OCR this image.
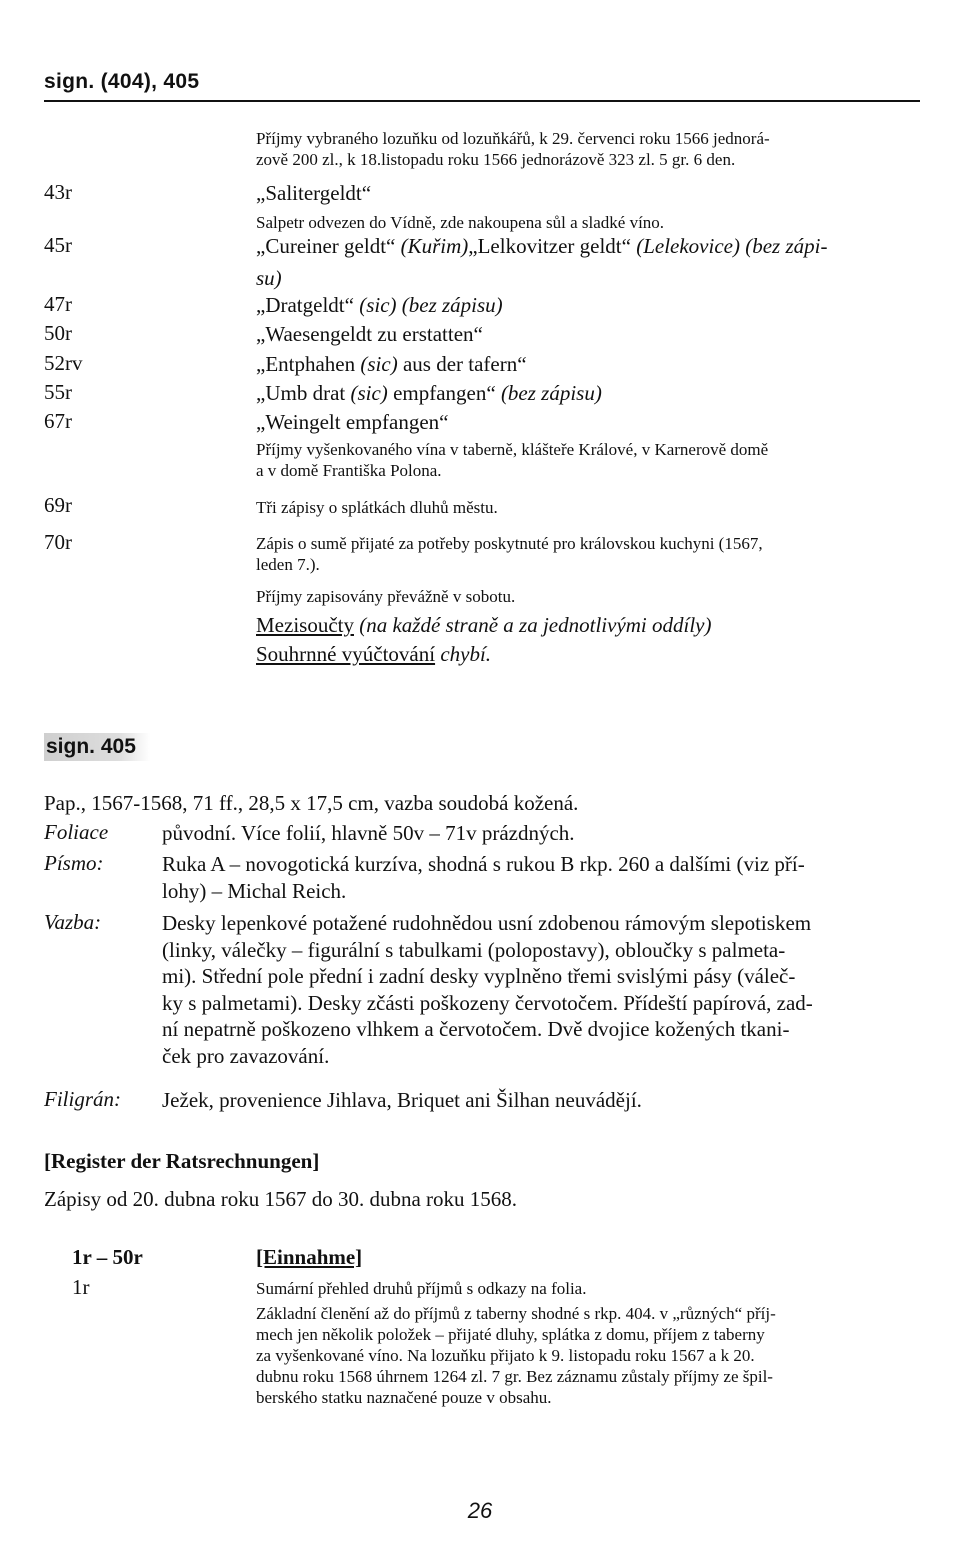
sign. (404), 405
Příjmy vybraného lozuňku od lozuňkářů, k 29. červenci roku 1566 jednorá-
zově 200 zl., k 18.listopadu roku 1566 jednorázově 323 zl. 5 gr. 6 den.
43r	„Salitergeldt“
Salpetr odvezen do Vídně, zde nakoupena sůl a sladké víno.
45r	„Cureiner geldt“ (Kuřim)„Lelkovitzer geldt“ (Lelekovice) (bez zápi-
su)
47r	„Dratgeldt“ (sic) (bez zápisu)
50r	„Waesengeldt zu erstatten“
52rv	„Entphahen (sic) aus der tafern“
55r	„Umb drat (sic) empfangen“ (bez zápisu)
67r	„Weingelt empfangen“
Příjmy vyšenkovaného vína v taberně, klášteře Králové, v Karnerově domě
a v domě Františka Polona.
69r	Tři zápisy o splátkách dluhů městu.
70r	Zápis o sumě přijaté za potřeby poskytnuté pro královskou kuchyni (1567,
leden 7.).
Příjmy zapisovány převážně v sobotu.
Mezisoučty (na každé straně a za jednotlivými oddíly)
Souhrnné vyúčtování chybí.
sign. 405
Pap., 1567-1568, 71 ff., 28,5 x 17,5 cm, vazba soudobá kožená.
Foliace	původní. Více folií, hlavně 50v – 71v prázdných.
Písmo:	Ruka A – novogotická kurzíva, shodná s rukou B rkp. 260 a dalšími (viz pří-
lohy) – Michal Reich.
Vazba:	Desky lepenkové potažené rudohnědou usní zdobenou rámovým slepotiskem
(linky, válečky – figurální s tabulkami (polopostavy), obloučky s palmeta-
mi). Střední pole přední i zadní desky vyplněno třemi svislými pásy (váleč-
ky s palmetami). Desky zčásti poškozeny červotočem. Přídeští papírová, zad-
ní nepatrně poškozeno vlhkem a červotočem. Dvě dvojice kožených tkani-
ček pro zavazování.
Filigrán: Ježek, provenience Jihlava, Briquet ani Šilhan neuvádějí.
[Register der Ratsrechnungen]
Zápisy od 20. dubna roku 1567 do 30. dubna roku 1568.
1r – 50r	[Einnahme]
1r	Sumární přehled druhů příjmů s odkazy na folia.
Základní členění až do příjmů z taberny shodné s rkp. 404. v „různých“ příj-
mech jen několik položek – přijaté dluhy, splátka z domu, příjem z taberny
za vyšenkované víno. Na lozuňku přijato k 9. listopadu roku 1567 a k 20.
dubnu roku 1568 úhrnem 1264 zl. 7 gr. Bez záznamu zůstaly příjmy ze špil-
berského statku naznačené pouze v obsahu.
26
